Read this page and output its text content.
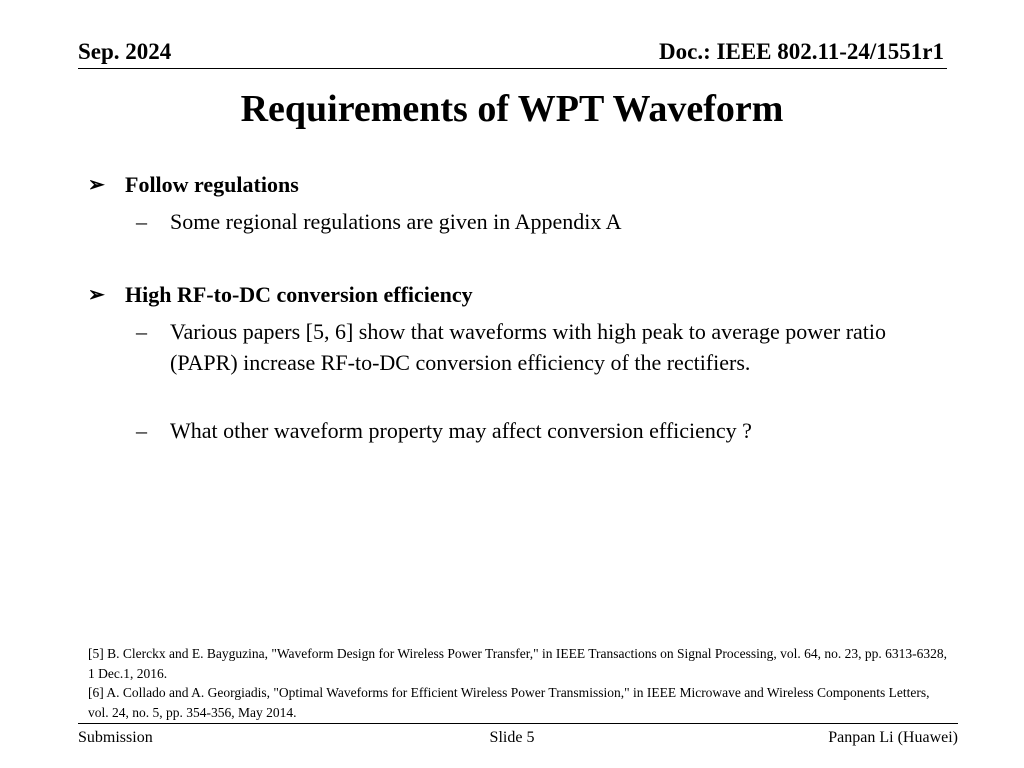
Sep. 2024	Doc.: IEEE 802.11-24/1551r1
Requirements of WPT Waveform
➢ Follow regulations
–	Some regional regulations are given in Appendix A
➢ High RF-to-DC conversion efficiency
–	Various papers [5, 6] show that waveforms with high peak to average power ratio (PAPR) increase RF-to-DC conversion efficiency of the rectifiers.
–	What other waveform property may affect conversion efficiency ?
[5] B. Clerckx and E. Bayguzina, "Waveform Design for Wireless Power Transfer," in IEEE Transactions on Signal Processing, vol. 64, no. 23, pp. 6313-6328, 1 Dec.1, 2016.
[6] A. Collado and A. Georgiadis, "Optimal Waveforms for Efficient Wireless Power Transmission," in IEEE Microwave and Wireless Components Letters, vol. 24, no. 5, pp. 354-356, May 2014.
Submission	Slide 5	Panpan Li (Huawei)
